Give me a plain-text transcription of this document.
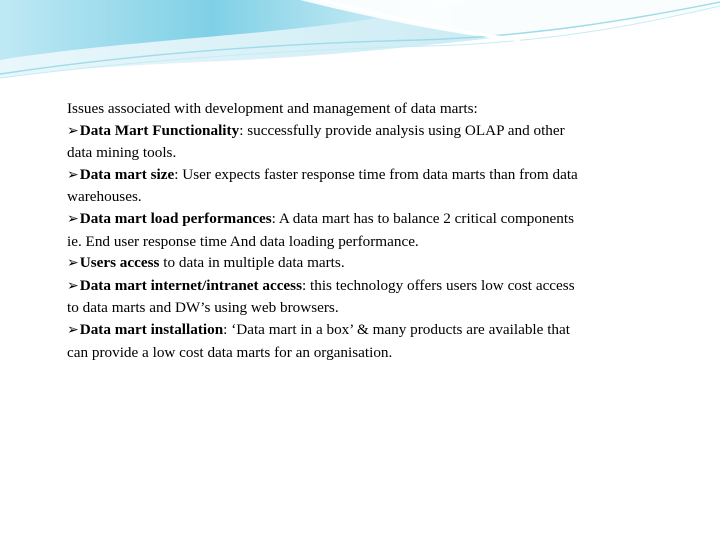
Issues associated with development and management of data marts:

➢Data Mart Functionality: successfully provide analysis using OLAP and other data mining tools.

➢Data mart size: User expects faster response time from data marts than from data warehouses.

➢Data mart load performances: A data mart has to balance 2 critical components ie. End user response time And data loading performance.

➢Users access to data in multiple data marts.

➢Data mart internet/intranet access: this technology offers users low cost access to data marts and DW’s using web browsers.

➢Data mart installation: ‘Data mart in a box’ & many products are available that can provide a low cost data marts for an organisation.
